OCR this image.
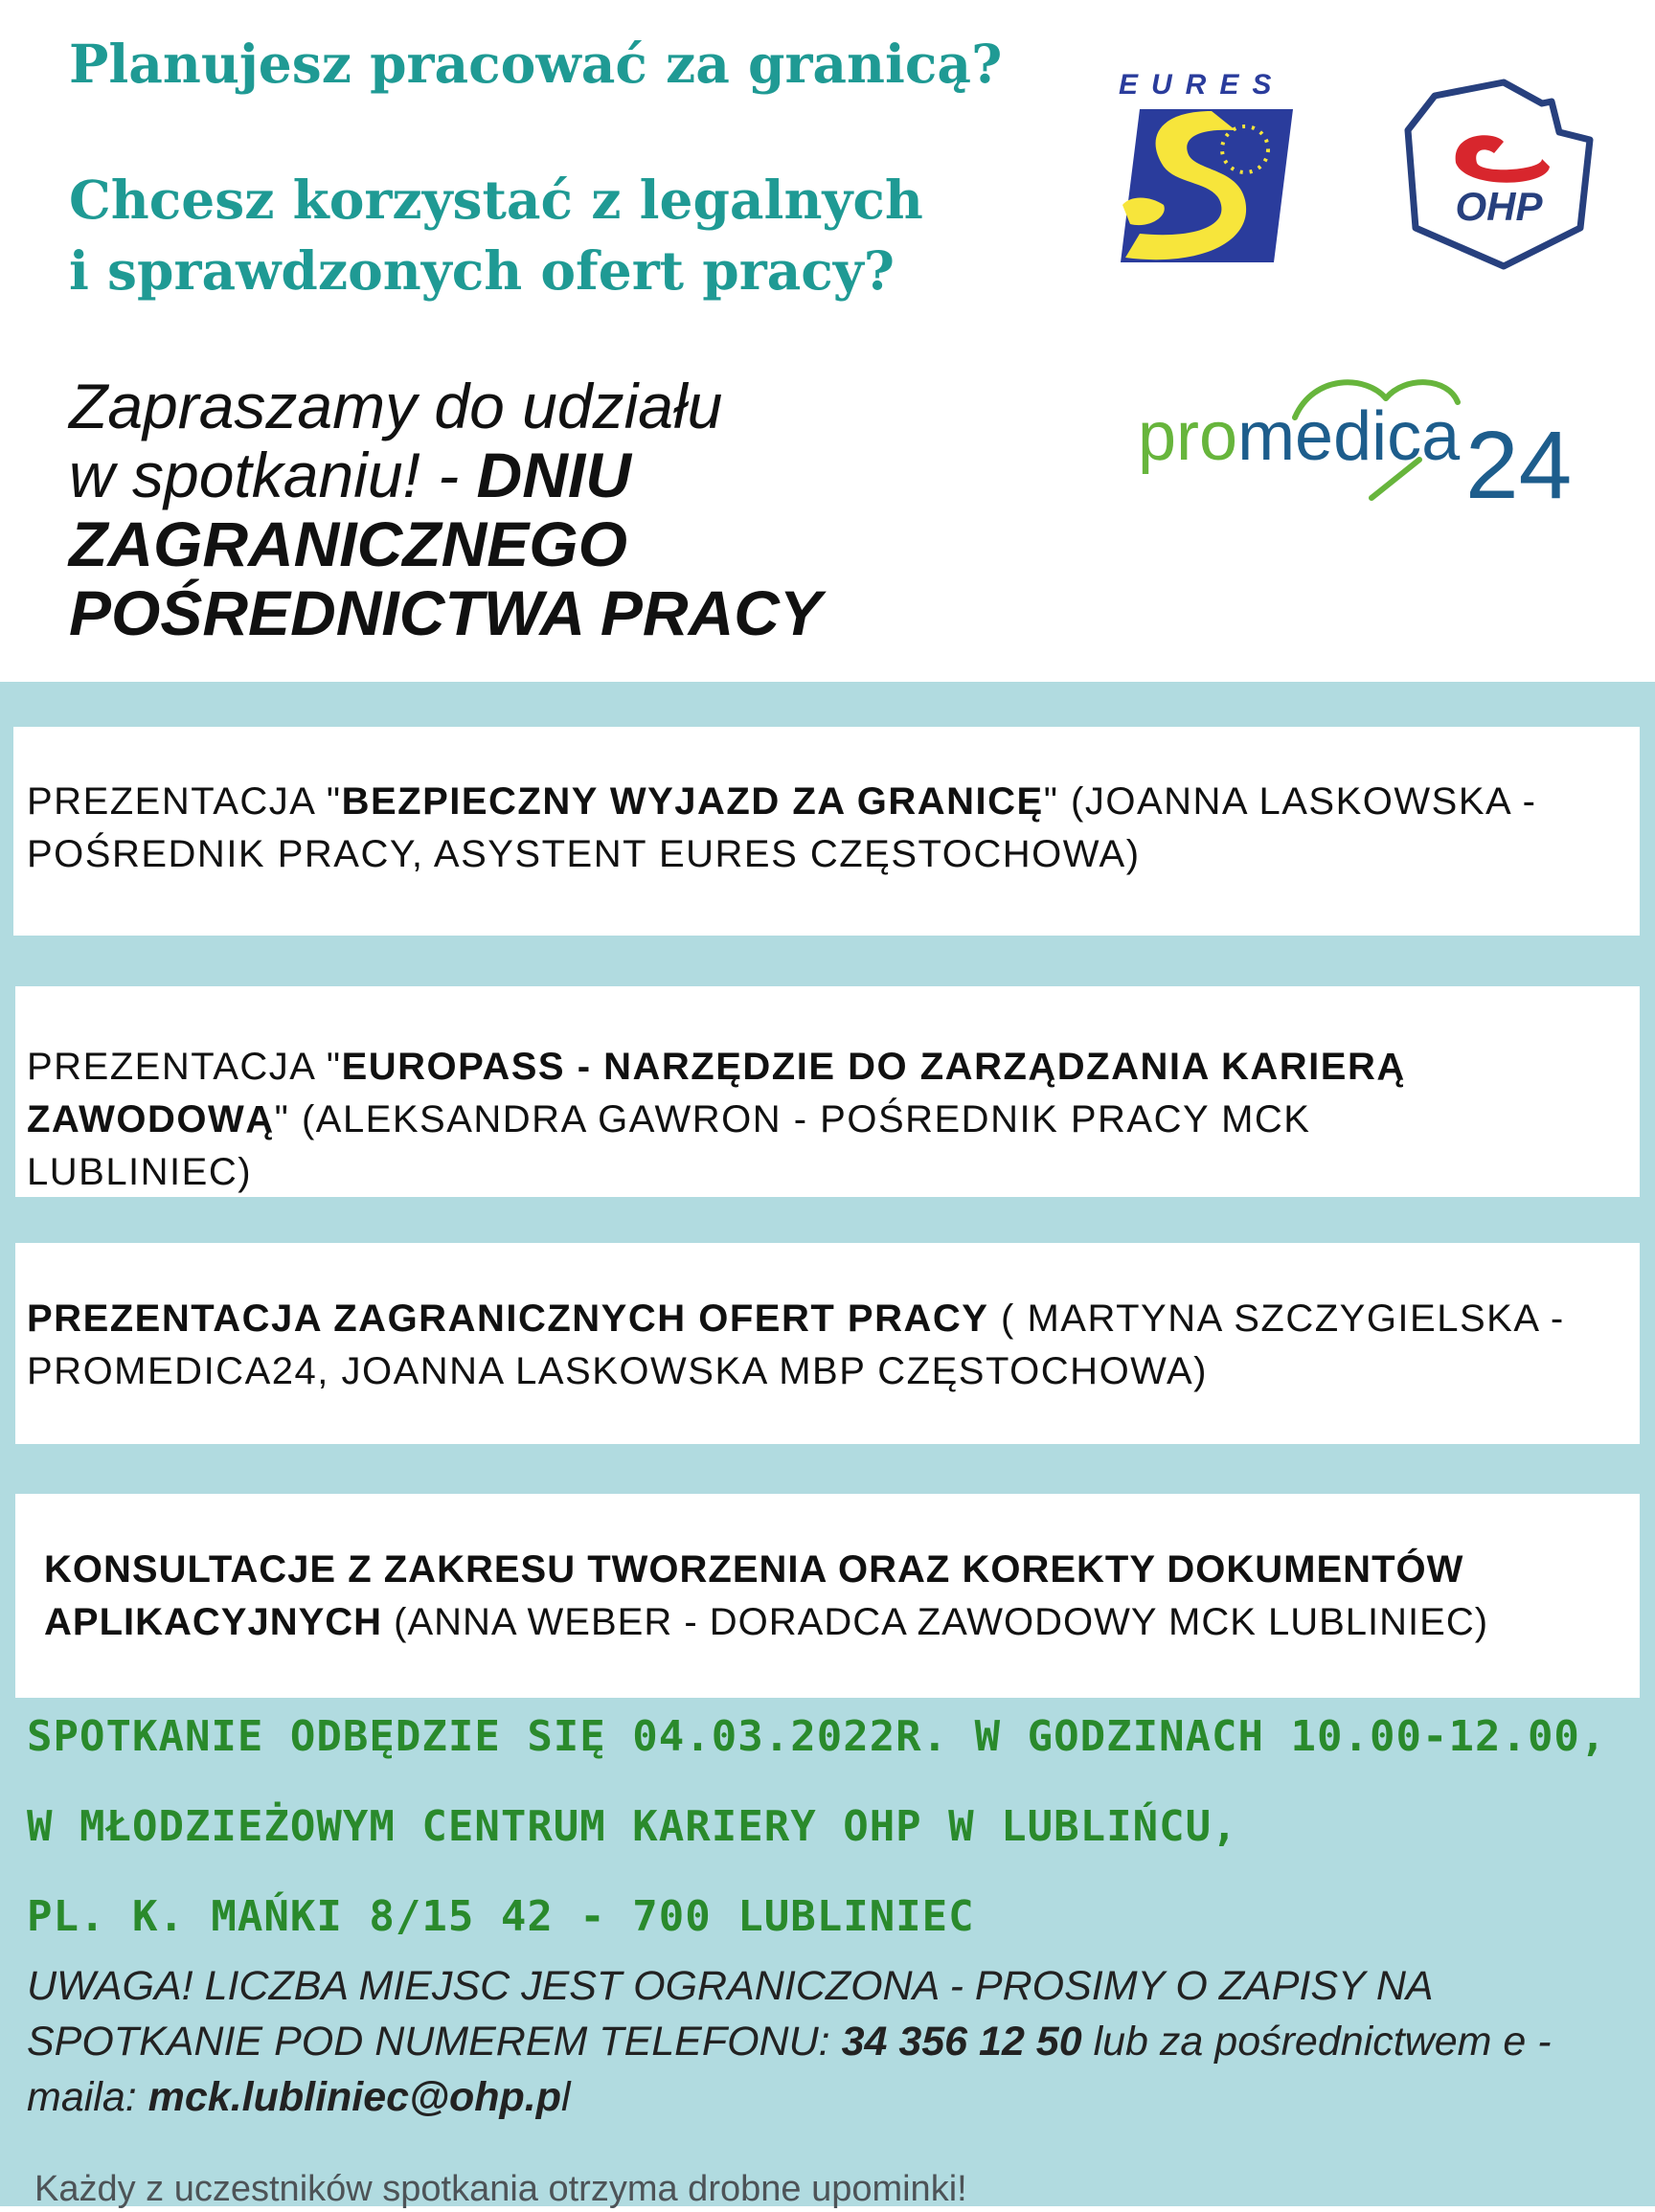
Planujesz pracować za granicą?
Chcesz korzystać z legalnych
i sprawdzonych ofert pracy?
Zapraszamy do udziału
w spotkaniu! - DNIU
ZAGRANICZNEGO
POŚREDNICTWA PRACY
EURES
OHP
promedica 24
PREZENTACJA "BEZPIECZNY WYJAZD ZA GRANICĘ" (JOANNA LASKOWSKA - POŚREDNIK PRACY, ASYSTENT EURES CZĘSTOCHOWA)
PREZENTACJA "EUROPASS - NARZĘDZIE DO ZARZĄDZANIA KARIERĄ ZAWODOWĄ" (ALEKSANDRA GAWRON - POŚREDNIK PRACY MCK LUBLINIEC)
PREZENTACJA ZAGRANICZNYCH OFERT PRACY ( MARTYNA SZCZYGIELSKA - PROMEDICA24, JOANNA LASKOWSKA MBP CZĘSTOCHOWA)
KONSULTACJE Z ZAKRESU TWORZENIA ORAZ KOREKTY DOKUMENTÓW APLIKACYJNYCH (ANNA WEBER - DORADCA ZAWODOWY MCK LUBLINIEC)
SPOTKANIE ODBĘDZIE SIĘ 04.03.2022R. W GODZINACH 10.00-12.00,
W MŁODZIEŻOWYM CENTRUM KARIERY OHP W LUBLIŃCU,
PL. K. MAŃKI 8/15 42 - 700 LUBLINIEC
UWAGA! LICZBA MIEJSC JEST OGRANICZONA - PROSIMY O ZAPISY NA SPOTKANIE POD NUMEREM TELEFONU: 34 356 12 50 lub za pośrednictwem e - maila: mck.lubliniec@ohp.pl
Każdy z uczestników spotkania otrzyma drobne upominki!
